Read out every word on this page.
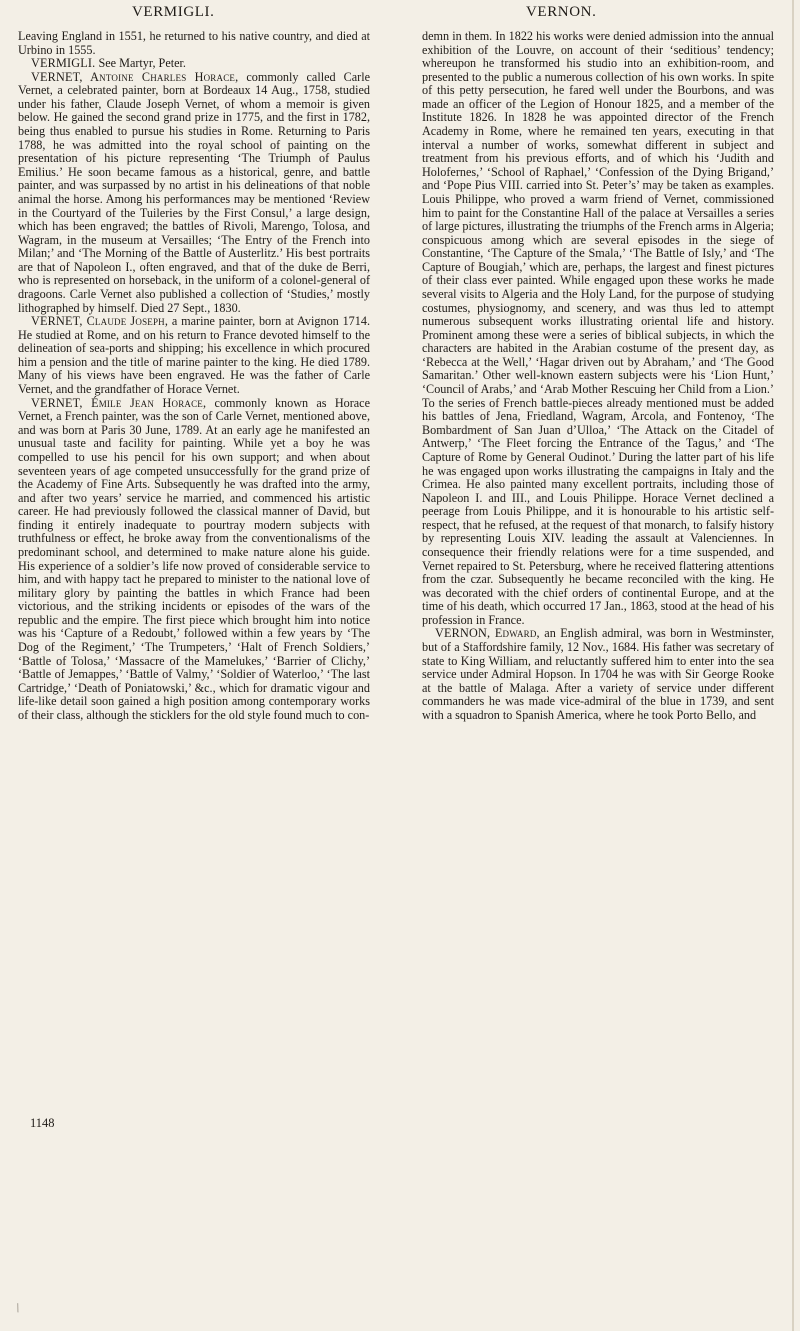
VERMIGLI.	VERNON.

Leaving England in 1551, he returned to his native country, and died at Urbino in 1555.

VERMIGLI. See Martyr, Peter.

VERNET, Antoine Charles Horace, commonly called Carle Vernet, a celebrated painter, born at Bordeaux 14 Aug., 1758, studied under his father, Claude Joseph Vernet, of whom a memoir is given below. He gained the second grand prize in 1775, and the first in 1782, being thus enabled to pursue his studies in Rome. Returning to Paris 1788, he was admitted into the royal school of painting on the presentation of his picture representing ‘The Triumph of Paulus Emilius.’ He soon became famous as a historical, genre, and battle painter, and was surpassed by no artist in his delineations of that noble animal the horse. Among his performances may be mentioned ‘Review in the Courtyard of the Tuileries by the First Consul,’ a large design, which has been engraved; the battles of Rivoli, Marengo, Tolosa, and Wagram, in the museum at Versailles; ‘The Entry of the French into Milan;’ and ‘The Morning of the Battle of Austerlitz.’ His best portraits are that of Napoleon I., often engraved, and that of the duke de Berri, who is represented on horseback, in the uniform of a colonel-general of dragoons. Carle Vernet also published a collection of ‘Studies,’ mostly lithographed by himself. Died 27 Sept., 1830.

VERNET, Claude Joseph, a marine painter, born at Avignon 1714. He studied at Rome, and on his return to France devoted himself to the delineation of sea-ports and shipping; his excellence in which procured him a pension and the title of marine painter to the king. He died 1789. Many of his views have been engraved. He was the father of Carle Vernet, and the grandfather of Horace Vernet.

VERNET, Émile Jean Horace, commonly known as Horace Vernet, a French painter, was the son of Carle Vernet, mentioned above, and was born at Paris 30 June, 1789. At an early age he manifested an unusual taste and facility for painting. While yet a boy he was compelled to use his pencil for his own support; and when about seventeen years of age competed unsuccessfully for the grand prize of the Academy of Fine Arts. Subsequently he was drafted into the army, and after two years’ service he married, and commenced his artistic career. He had previously followed the classical manner of David, but finding it entirely inadequate to pourtray modern subjects with truthfulness or effect, he broke away from the conventionalisms of the predominant school, and determined to make nature alone his guide. His experience of a soldier’s life now proved of considerable service to him, and with happy tact he prepared to minister to the national love of military glory by painting the battles in which France had been victorious, and the striking incidents or episodes of the wars of the republic and the empire. The first piece which brought him into notice was his ‘Capture of a Redoubt,’ followed within a few years by ‘The Dog of the Regiment,’ ‘The Trumpeters,’ ‘Halt of French Soldiers,’ ‘Battle of Tolosa,’ ‘Massacre of the Mamelukes,’ ‘Barrier of Clichy,’ ‘Battle of Jemappes,’ ‘Battle of Valmy,’ ‘Soldier of Waterloo,’ ‘The last Cartridge,’ ‘Death of Poniatowski,’ &c., which for dramatic vigour and life-like detail soon gained a high position among contemporary works of their class, although the sticklers for the old style found much to con-

demn in them. In 1822 his works were denied admission into the annual exhibition of the Louvre, on account of their ‘seditious’ tendency; whereupon he transformed his studio into an exhibition-room, and presented to the public a numerous collection of his own works. In spite of this petty persecution, he fared well under the Bourbons, and was made an officer of the Legion of Honour 1825, and a member of the Institute 1826. In 1828 he was appointed director of the French Academy in Rome, where he remained ten years, executing in that interval a number of works, somewhat different in subject and treatment from his previous efforts, and of which his ‘Judith and Holofernes,’ ‘School of Raphael,’ ‘Confession of the Dying Brigand,’ and ‘Pope Pius VIII. carried into St. Peter’s’ may be taken as examples. Louis Philippe, who proved a warm friend of Vernet, commissioned him to paint for the Constantine Hall of the palace at Versailles a series of large pictures, illustrating the triumphs of the French arms in Algeria; conspicuous among which are several episodes in the siege of Constantine, ‘The Capture of the Smala,’ ‘The Battle of Isly,’ and ‘The Capture of Bougiah,’ which are, perhaps, the largest and finest pictures of their class ever painted. While engaged upon these works he made several visits to Algeria and the Holy Land, for the purpose of studying costumes, physiognomy, and scenery, and was thus led to attempt numerous subsequent works illustrating oriental life and history. Prominent among these were a series of biblical subjects, in which the characters are habited in the Arabian costume of the present day, as ‘Rebecca at the Well,’ ‘Hagar driven out by Abraham,’ and ‘The Good Samaritan.’ Other well-known eastern subjects were his ‘Lion Hunt,’ ‘Council of Arabs,’ and ‘Arab Mother Rescuing her Child from a Lion.’ To the series of French battle-pieces already mentioned must be added his battles of Jena, Friedland, Wagram, Arcola, and Fontenoy, ‘The Bombardment of San Juan d’Ulloa,’ ‘The Attack on the Citadel of Antwerp,’ ‘The Fleet forcing the Entrance of the Tagus,’ and ‘The Capture of Rome by General Oudinot.’ During the latter part of his life he was engaged upon works illustrating the campaigns in Italy and the Crimea. He also painted many excellent portraits, including those of Napoleon I. and III., and Louis Philippe. Horace Vernet declined a peerage from Louis Philippe, and it is honourable to his artistic self-respect, that he refused, at the request of that monarch, to falsify history by representing Louis XIV. leading the assault at Valenciennes. In consequence their friendly relations were for a time suspended, and Vernet repaired to St. Petersburg, where he received flattering attentions from the czar. Subsequently he became reconciled with the king. He was decorated with the chief orders of continental Europe, and at the time of his death, which occurred 17 Jan., 1863, stood at the head of his profession in France.

VERNON, Edward, an English admiral, was born in Westminster, but of a Staffordshire family, 12 Nov., 1684. His father was secretary of state to King William, and reluctantly suffered him to enter into the sea service under Admiral Hopson. In 1704 he was with Sir George Rooke at the battle of Malaga. After a variety of service under different commanders he was made vice-admiral of the blue in 1739, and sent with a squadron to Spanish America, where he took Porto Bello, and

1148
\
